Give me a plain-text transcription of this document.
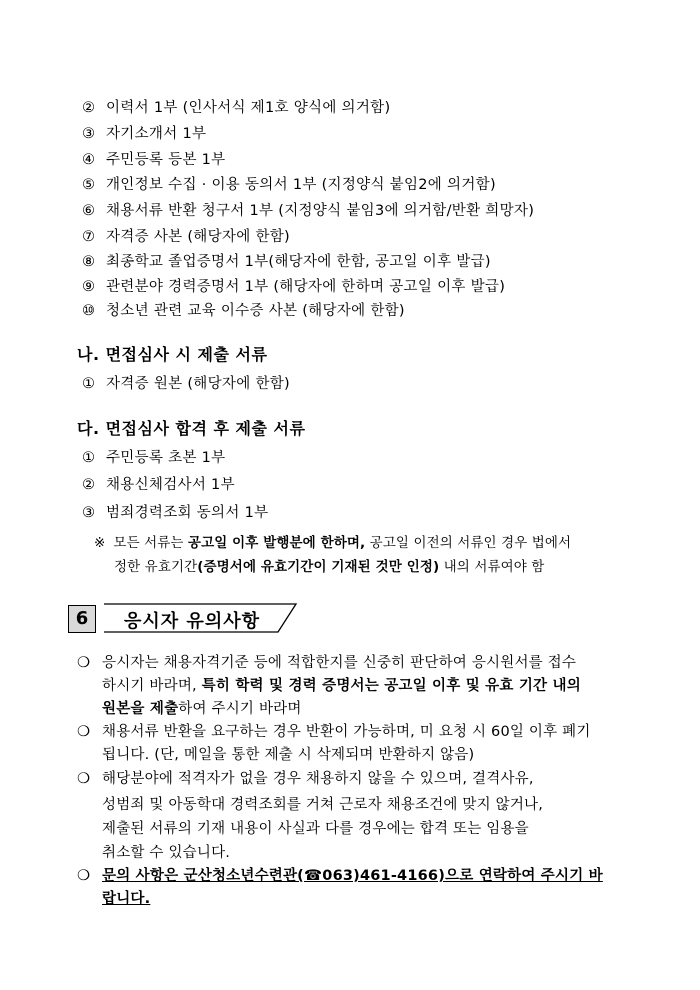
② 이력서 1부 (인사서식 제1호 양식에 의거함)
③ 자기소개서 1부
④ 주민등록 등본 1부
⑤ 개인정보 수집 · 이용 동의서 1부 (지정양식 붙임2에 의거함)
⑥ 채용서류 반환 청구서 1부 (지정양식 붙임3에 의거함/반환 희망자)
⑦ 자격증 사본 (해당자에 한함)
⑧ 최종학교 졸업증명서 1부(해당자에 한함, 공고일 이후 발급)
⑨ 관련분야 경력증명서 1부 (해당자에 한하며 공고일 이후 발급)
⑩ 청소년 관련 교육 이수증 사본 (해당자에 한함)
나. 면접심사 시 제출 서류
① 자격증 원본 (해당자에 한함)
다. 면접심사 합격 후 제출 서류
① 주민등록 초본 1부
② 채용신체검사서 1부
③ 범죄경력조회 동의서 1부
※ 모든 서류는 공고일 이후 발행분에 한하며, 공고일 이전의 서류인 경우 법에서
정한 유효기간(증명서에 유효기간이 기재된 것만 인정) 내의 서류여야 함
6	응시자 유의사항
❍ 응시자는 채용자격기준 등에 적합한지를 신중히 판단하여 응시원서를 접수
하시기 바라며, 특히 학력 및 경력 증명서는 공고일 이후 및 유효 기간 내의
원본을 제출하여 주시기 바라며
❍ 채용서류 반환을 요구하는 경우 반환이 가능하며, 미 요청 시 60일 이후 폐기
됩니다. (단, 메일을 통한 제출 시 삭제되며 반환하지 않음)
❍ 해당분야에 적격자가 없을 경우 채용하지 않을 수 있으며, 결격사유,
성범죄 및 아동학대 경력조회를 거쳐 근로자 채용조건에 맞지 않거나,
제출된 서류의 기재 내용이 사실과 다를 경우에는 합격 또는 임용을
취소할 수 있습니다.
❍ 문의 사항은 군산청소년수련관(☎063)461-4166)으로 연락하여 주시기 바
랍니다.
